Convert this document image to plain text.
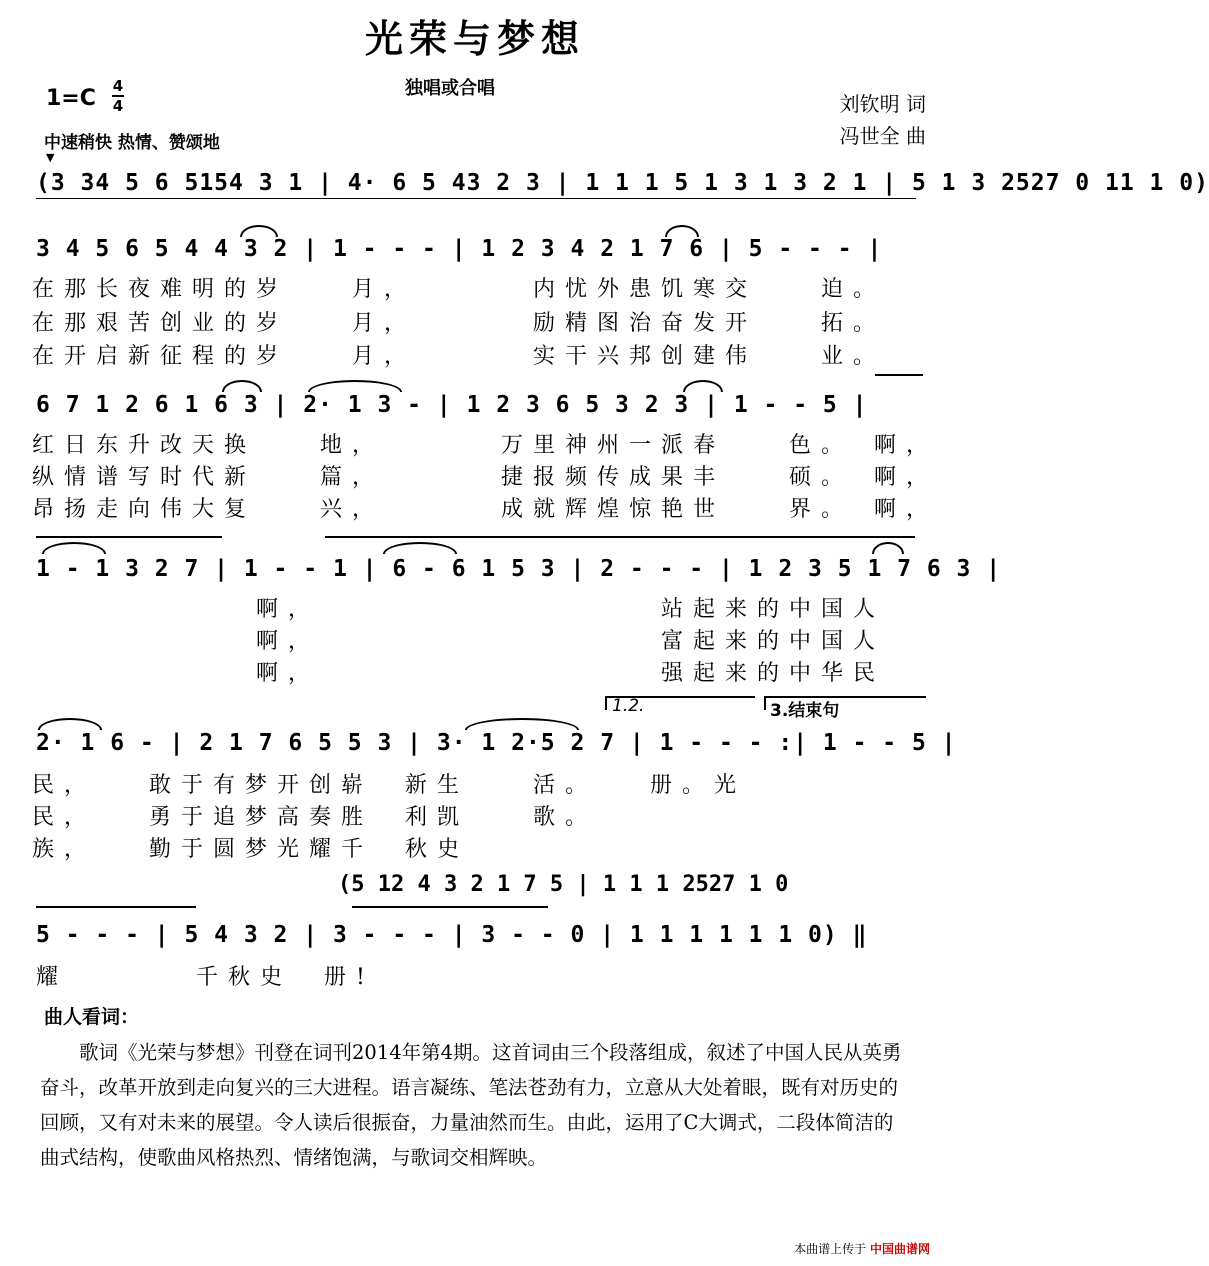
光荣与梦想
独唱或合唱
刘钦明 词
冯世全 曲
1=C 4
4
中速稍快 热情、赞颂地
▼
(3 34 5 6 5154 3 1 | 4· 6 5 43 2 3 | 1 1 1 5 1 3 1 3 2 1 | 5 1 3 2527 0 11 1 0)
3 4 5 6 5 4 4 3 2 | 1 - - - | 1 2 3 4 2 1 7 6 | 5 - - - |
在那长夜难明的岁　　月，　　　　内忧外患饥寒交　　迫。
在那艰苦创业的岁　　月，　　　　励精图治奋发开　　拓。
在开启新征程的岁　　月，　　　　实干兴邦创建伟　　业。
6 7 1 2 6 1 6 3 | 2· 1 3 - | 1 2 3 6 5 3 2 3 | 1 - - 5 |
红日东升改天换　　地，　　　　万里神州一派春　　色。　啊，
纵情谱写时代新　　篇，　　　　捷报频传成果丰　　硕。　啊，
昂扬走向伟大复　　兴，　　　　成就辉煌惊艳世　　界。　啊，
1 - 1 3 2 7 | 1 - - 1 | 6 - 6 1 5 3 | 2 - - - | 1 2 3 5 1 7 6 3 |
　　　　　　　啊，　　　　　　　　　　　站起来的中国人
　　　　　　　啊，　　　　　　　　　　　富起来的中国人
　　　　　　　啊，　　　　　　　　　　　强起来的中华民
1.2.	3.结束句
2· 1 6 - | 2 1 7 6 5 5 3 | 3· 1 2·5 2 7 | 1 - - - :| 1 - - 5 |
民，　　敢于有梦开创崭　新生　　活。　　册。光
民，　　勇于追梦高奏胜　利凯　　歌。
族，　　勤于圆梦光耀千　秋史
(5 12 4 3 2 1 7 5 | 1 1 1 2527 1 0
5 - - - | 5 4 3 2 | 3 - - - | 3 - - 0 | 1 1 1 1 1 1 0) ‖
耀　　　　千秋史　册!
曲人看词：
歌词《光荣与梦想》刊登在词刊2014年第4期。这首词由三个段落组成，叙述了中国人民从英勇奋斗，改革开放到走向复兴的三大进程。语言凝练、笔法苍劲有力，立意从大处着眼，既有对历史的回顾，又有对未来的展望。令人读后很振奋，力量油然而生。由此，运用了C大调式，二段体简洁的曲式结构，使歌曲风格热烈、情绪饱满，与歌词交相辉映。
本曲谱上传于 中国曲谱网
